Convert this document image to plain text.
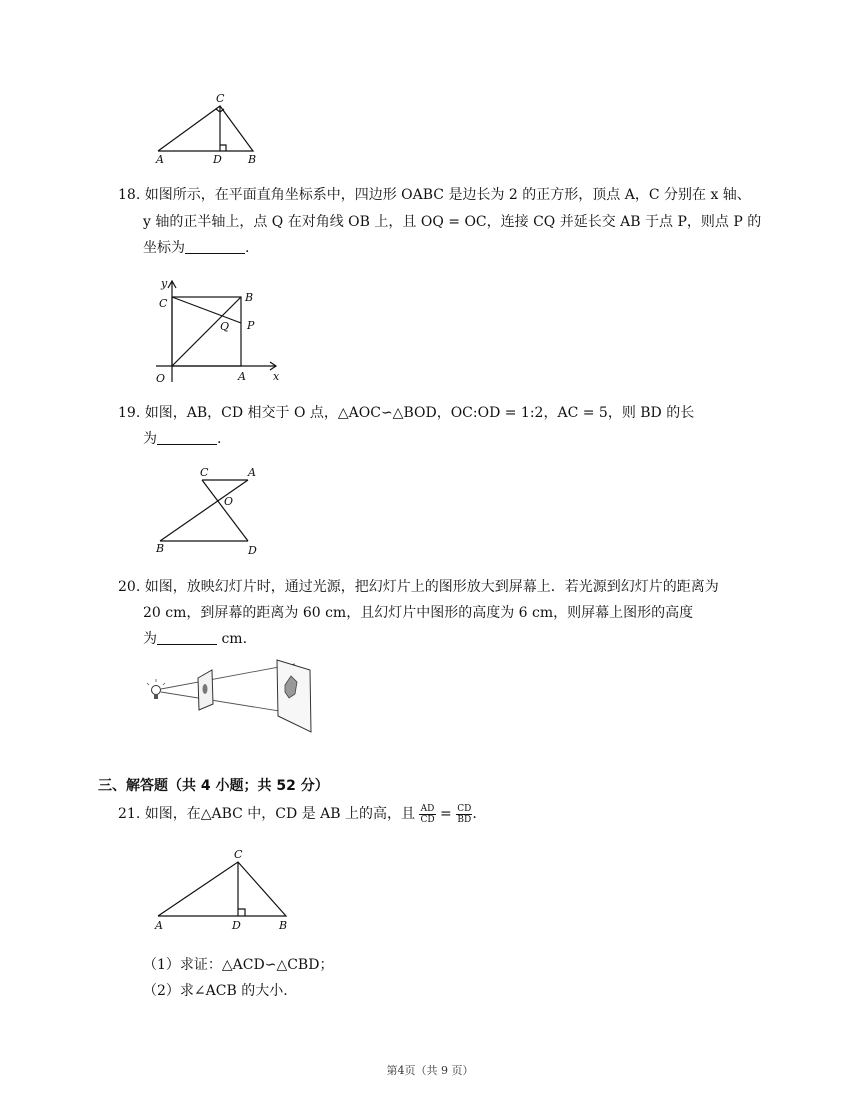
C
A	D B
18. 如图所示，在平面直角坐标系中，四边形 OABC 是边长为 2 的正方形，顶点 A，C 分别在 x 轴、
y 轴的正半轴上，点 Q 在对角线 OB 上，且 OQ = OC，连接 CQ 并延长交 AB 于点 P，则点 P 的
坐标为	.
y
x
C	B
Q P
O	A
19. 如图，AB，CD 相交于 O 点，△AOC∽△BOD，OC:OD = 1:2，AC = 5，则 BD 的长
为	.
C	A
O
B	D
20. 如图，放映幻灯片时，通过光源，把幻灯片上的图形放大到屏幕上．若光源到幻灯片的距离为
20 cm，到屏幕的距离为 60 cm，且幻灯片中图形的高度为 6 cm，则屏幕上图形的高度
为	cm.
三、解答题（共 4 小题；共 52 分）
21. 如图，在△ABC 中，CD 是 AB 上的高，且 $\frac{AD}{CD} = \frac{CD}{BD}$ .
C
A	D	B
（1）求证：△ACD∽△CBD；
（2）求∠ACB 的大小.
第4页（共 9 页）
